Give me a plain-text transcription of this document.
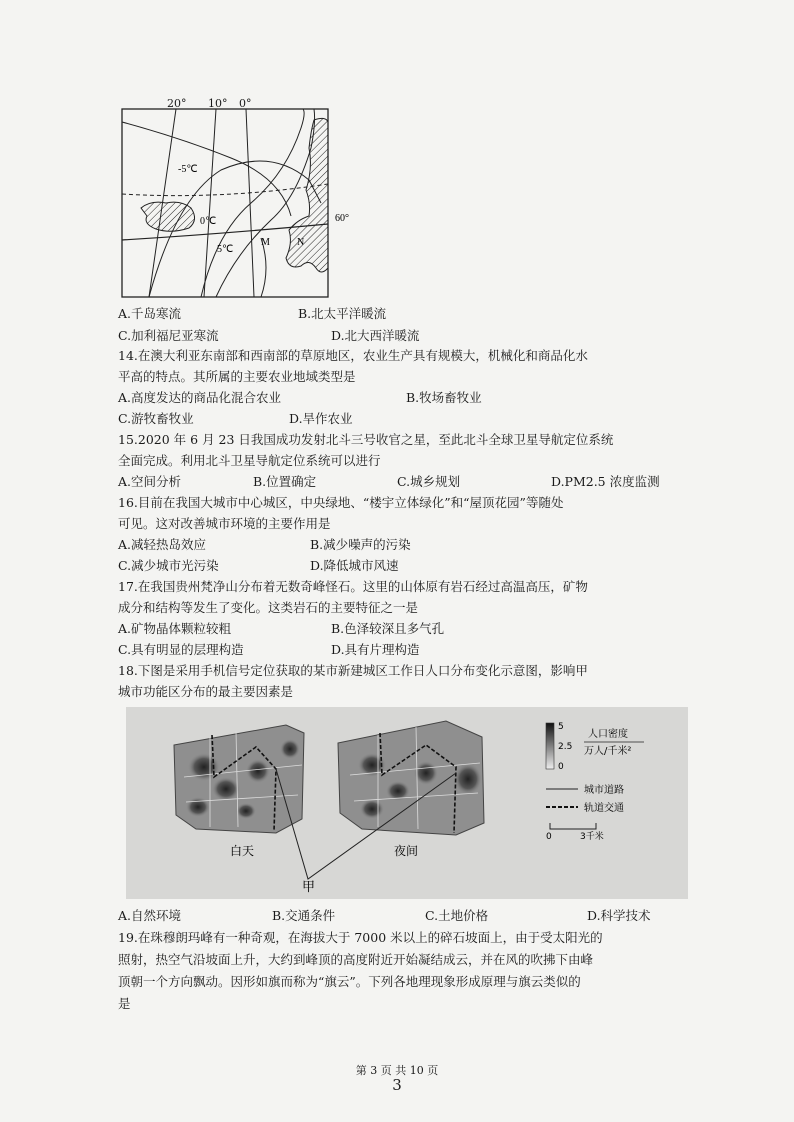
60°
-5℃
0℃
5℃
M	N
20° 10° 0°
A.千岛寒流	B.北太平洋暖流
C.加利福尼亚寒流	D.北大西洋暖流
14.在澳大利亚东南部和西南部的草原地区，农业生产具有规模大，机械化和商品化水
平高的特点。其所属的主要农业地域类型是
A.高度发达的商品化混合农业	B.牧场畜牧业
C.游牧畜牧业	D.旱作农业
15.2020 年 6 月 23 日我国成功发射北斗三号收官之星，至此北斗全球卫星导航定位系统
全面完成。利用北斗卫星导航定位系统可以进行
A.空间分析	B.位置确定	C.城乡规划	D.PM2.5 浓度监测
16.目前在我国大城市中心城区，中央绿地、“楼宇立体绿化”和“屋顶花园”等随处
可见。这对改善城市环境的主要作用是
A.减轻热岛效应	B.减少噪声的污染
C.减少城市光污染	D.降低城市风速
17.在我国贵州梵净山分布着无数奇峰怪石。这里的山体原有岩石经过高温高压，矿物
成分和结构等发生了变化。这类岩石的主要特征之一是
A.矿物晶体颗粒较粗	B.色泽较深且多气孔
C.具有明显的层理构造	D.具有片理构造
18.下图是采用手机信号定位获取的某市新建城区工作日人口分布变化示意图，影响甲
城市功能区分布的最主要因素是
白天	夜间
甲
5
2.5
0
人口密度
万人/千米²
城市道路
轨道交通
0	3千米
A.自然环境	B.交通条件	C.土地价格	D.科学技术
19.在珠穆朗玛峰有一种奇观，在海拔大于 7000 米以上的碎石坡面上，由于受太阳光的
照射，热空气沿坡面上升，大约到峰顶的高度附近开始凝结成云，并在风的吹拂下由峰
顶朝一个方向飘动。因形如旗而称为“旗云”。下列各地理现象形成原理与旗云类似的
是
第 3 页 共 10 页
3
